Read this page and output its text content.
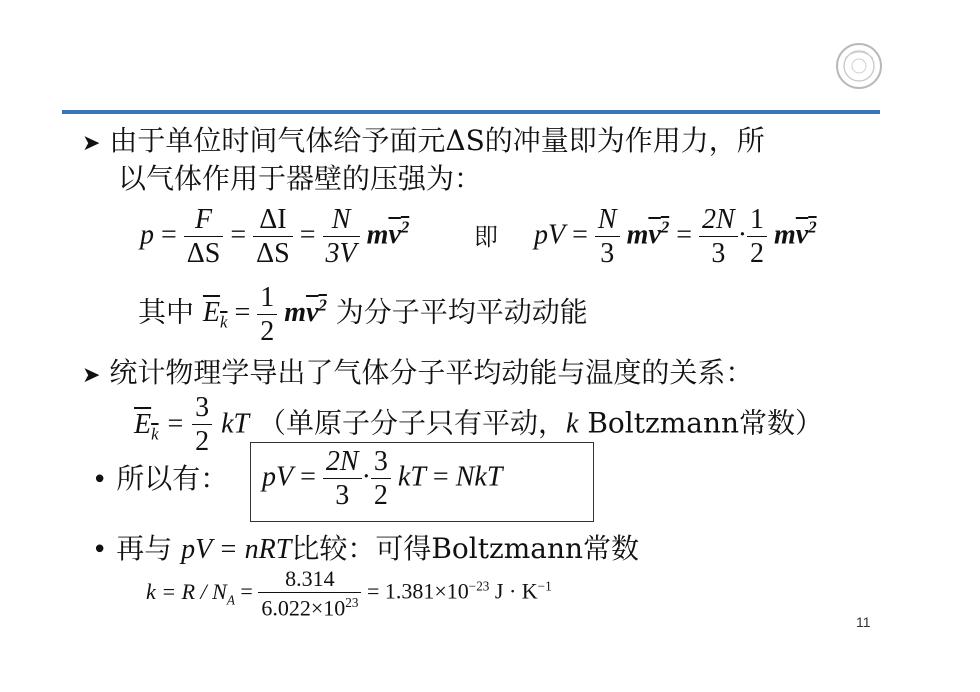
➤ 由于单位时间气体给予面元ΔS的冲量即为作用力，所
以气体作用于器壁的压强为：
$p = \frac{F}{\Delta S} = \frac{\Delta I}{\Delta S} = \frac{N}{3V} mv^2$	即 pV = $\frac{N}{3} mv^2 = \frac{2N}{3} \cdot \frac{1}{2} mv^2$
其中 $E_k = \frac{1}{2} mv^2$ 为分子平均平动动能
➤ 统计物理学导出了气体分子平均动能与温度的关系：
$E_k = \frac{3}{2}$ kT （单原子分子只有平动，k Boltzmann常数）
• 所以有： pV = $\frac{2N}{3} \cdot \frac{3}{2}$ kT = NkT
• 再与 pV = nRT比较：可得Boltzmann常数
$k = R / N_A = \frac{8.314}{6.022\times 10^{23}} = 1.381\times 10^{-23}$ $J \cdot K^{-1}$
11
